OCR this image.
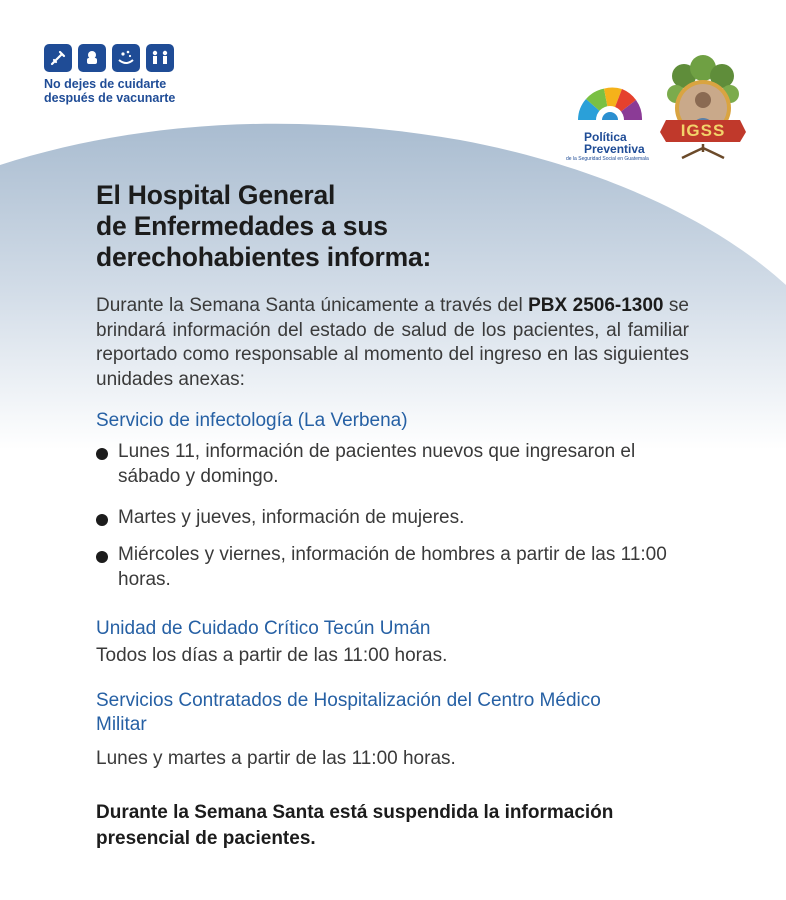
No dejes de cuidarte
después de vacunarte
Política
Preventiva
de la Seguridad Social en Guatemala
IGSS
El Hospital General
de Enfermedades a sus
derechohabientes informa:
Durante la Semana Santa únicamente a través del PBX 2506-1300 se brindará información del estado de salud de los pacientes, al familiar reportado como responsable al momento del ingreso en las siguientes unidades anexas:
Servicio de infectología (La Verbena)
Lunes 11, información de pacientes nuevos que ingresaron el sábado y domingo.
Martes y jueves, información de mujeres.
Miércoles y viernes, información de hombres a partir de las 11:00 horas.
Unidad de Cuidado Crítico Tecún Umán
Todos los días a partir de las 11:00 horas.
Servicios Contratados de Hospitalización del Centro Médico
Militar
Lunes y martes a partir de las 11:00 horas.
Durante la Semana Santa está suspendida la información
presencial de pacientes.
